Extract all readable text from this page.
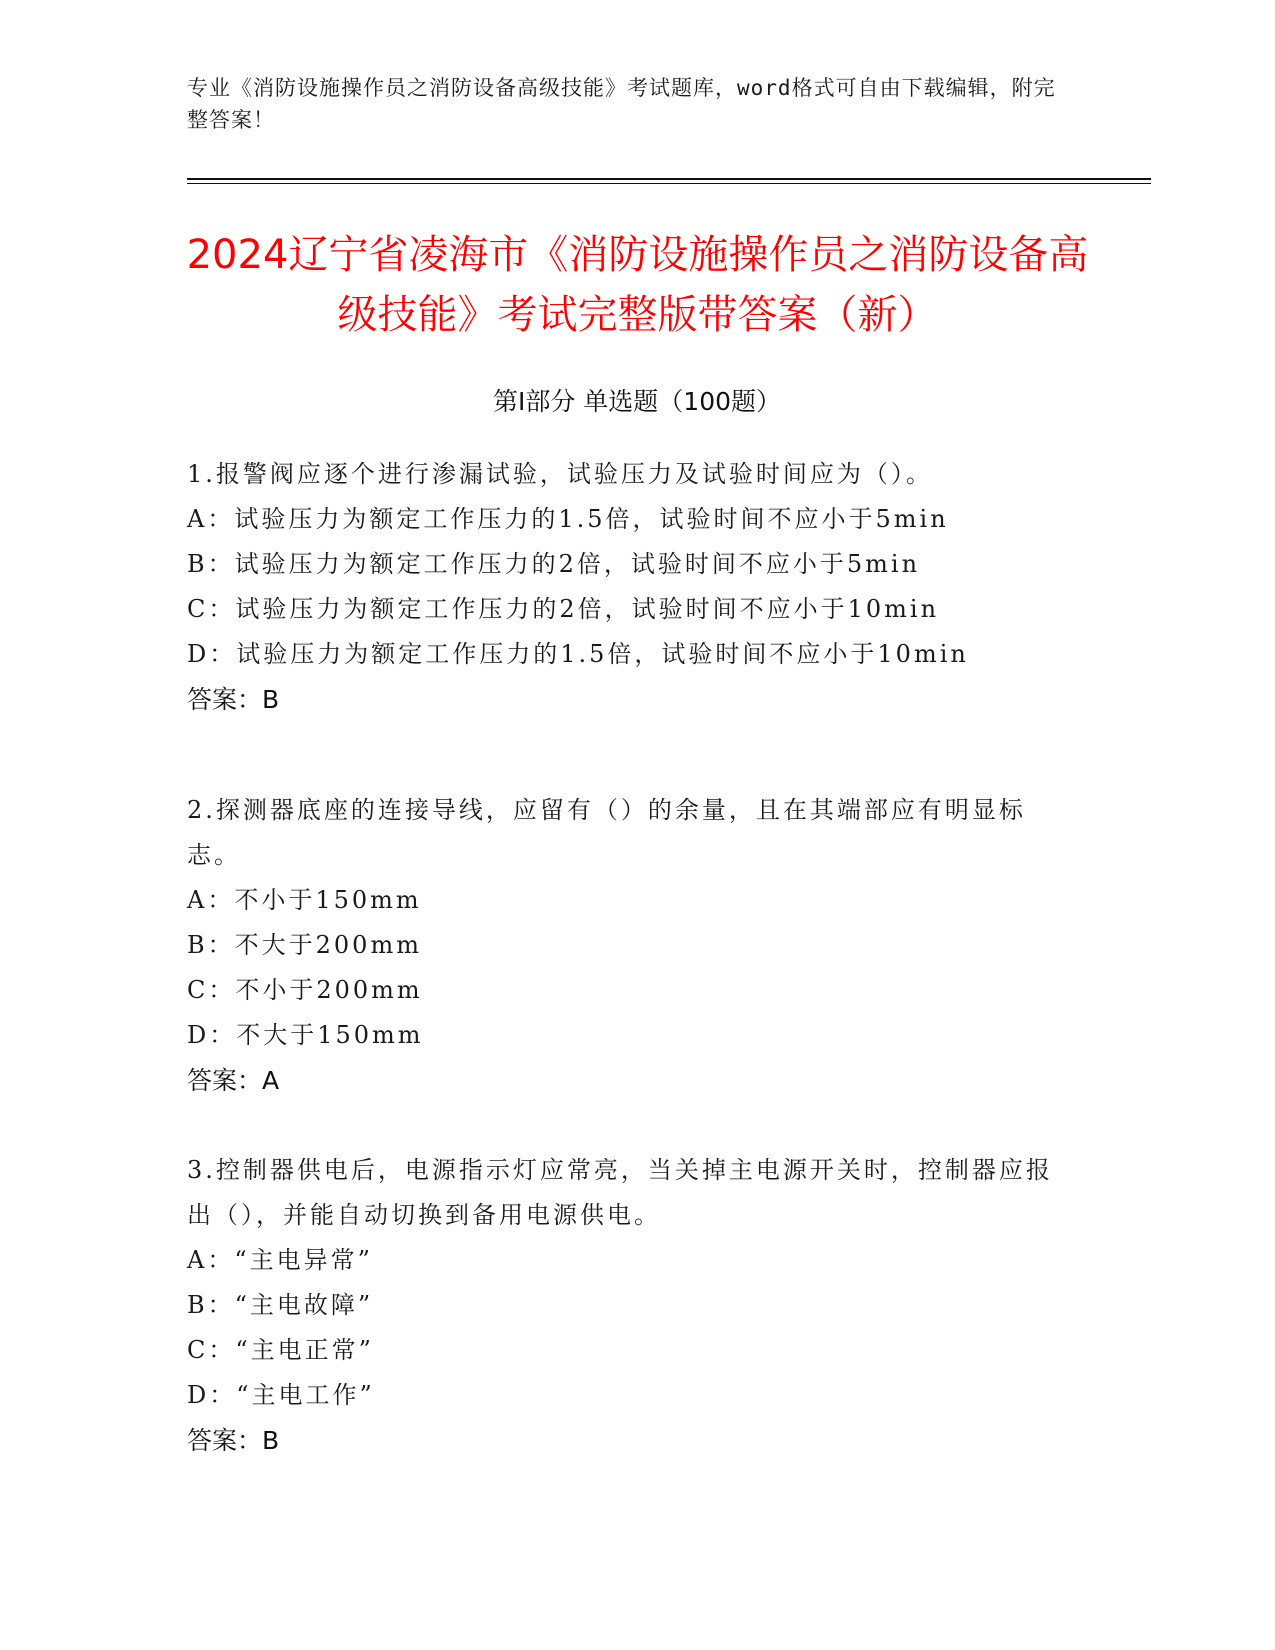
专业《消防设施操作员之消防设备高级技能》考试题库，word格式可自由下载编辑，附完整答案！
2024辽宁省凌海市《消防设施操作员之消防设备高级技能》考试完整版带答案（新）
第Ⅰ部分 单选题（100题）
1.报警阀应逐个进行渗漏试验，试验压力及试验时间应为（）。
A：试验压力为额定工作压力的1.5倍，试验时间不应小于5min
B：试验压力为额定工作压力的2倍，试验时间不应小于5min
C：试验压力为额定工作压力的2倍，试验时间不应小于10min
D：试验压力为额定工作压力的1.5倍，试验时间不应小于10min
答案：B
2.探测器底座的连接导线，应留有（）的余量，且在其端部应有明显标志。
A：不小于150mm
B：不大于200mm
C：不小于200mm
D：不大于150mm
答案：A
3.控制器供电后，电源指示灯应常亮，当关掉主电源开关时，控制器应报出（），并能自动切换到备用电源供电。
A：“主电异常”
B：“主电故障”
C：“主电正常”
D：“主电工作”
答案：B
